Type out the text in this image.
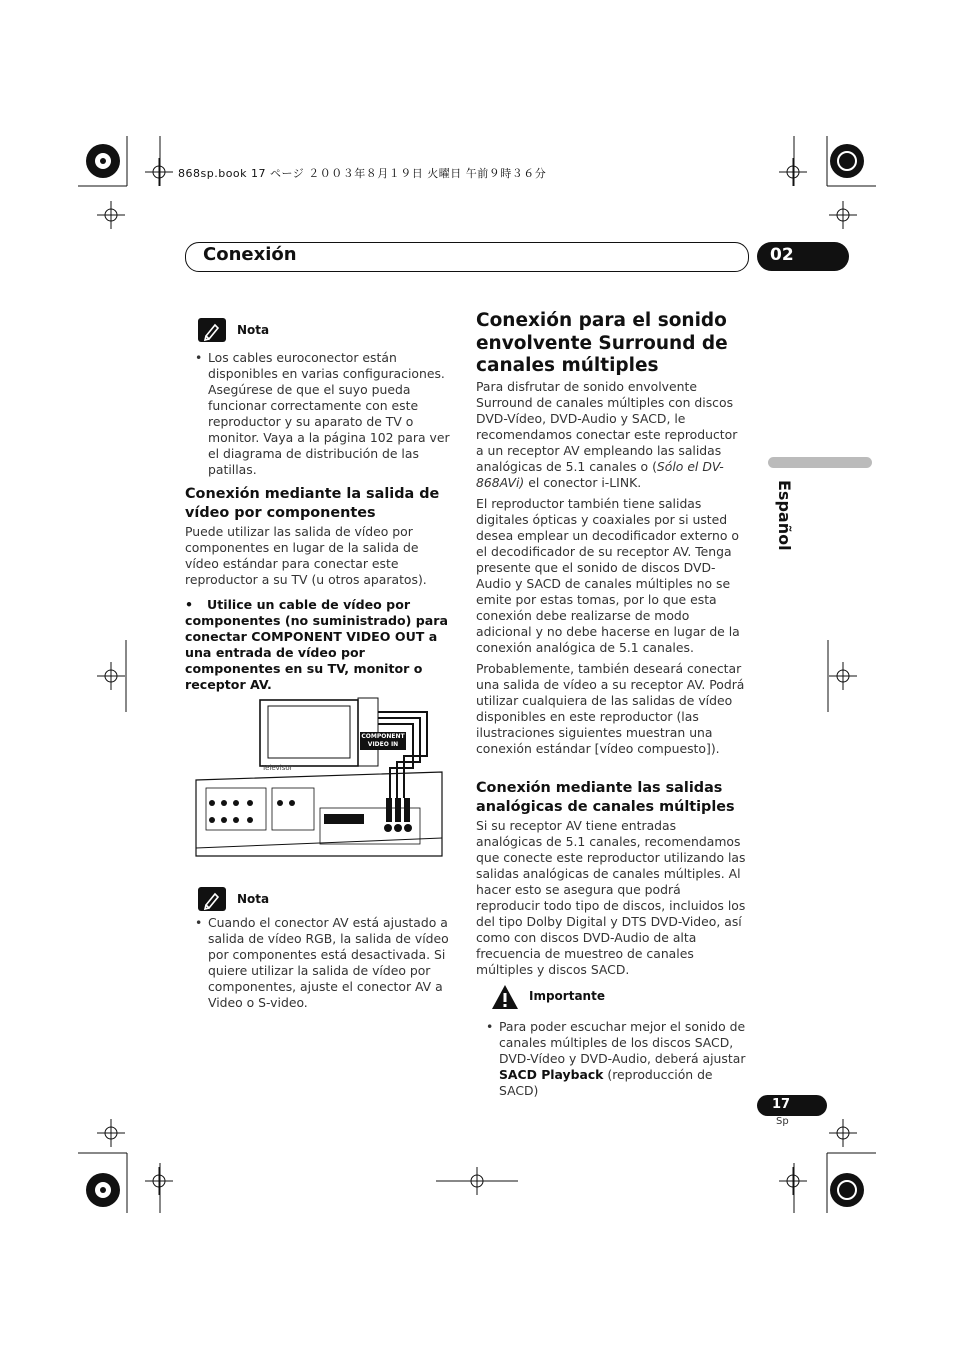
868sp.book 17 ページ ２００３年８月１９日 火曜日 午前９時３６分
Conexión	02
Español
Nota
• Los cables euroconector están disponibles en varias configuraciones. Asegúrese de que el suyo pueda funcionar correctamente con este reproductor y su aparato de TV o monitor. Vaya a la página 102 para ver el diagrama de distribución de las patillas.
Conexión mediante la salida de vídeo por componentes
Puede utilizar las salida de vídeo por componentes en lugar de la salida de vídeo estándar para conectar este reproductor a su TV (u otros aparatos).
•	Utilice un cable de vídeo por componentes (no suministrado) para conectar COMPONENT VIDEO OUT a una entrada de vídeo por componentes en su TV, monitor o receptor AV.
COMPONENT
VIDEO IN
Televisor
Nota
• Cuando el conector AV está ajustado a salida de vídeo RGB, la salida de vídeo por componentes está desactivada. Si quiere utilizar la salida de vídeo por componentes, ajuste el conector AV a Video o S-video.
Conexión para el sonido envolvente Surround de canales múltiples
Para disfrutar de sonido envolvente Surround de canales múltiples con discos DVD-Vídeo, DVD-Audio y SACD, le recomendamos conectar este reproductor a un receptor AV empleando las salidas analógicas de 5.1 canales o (Sólo el DV-868AVi) el conector i-LINK.
El reproductor también tiene salidas digitales ópticas y coaxiales por si usted desea emplear un decodificador externo o el decodificador de su receptor AV. Tenga presente que el sonido de discos DVD-Audio y SACD de canales múltiples no se emite por estas tomas, por lo que esta conexión debe realizarse de modo adicional y no debe hacerse en lugar de la conexión analógica de 5.1 canales.
Probablemente, también deseará conectar una salida de vídeo a su receptor AV. Podrá utilizar cualquiera de las salidas de vídeo disponibles en este reproductor (las ilustraciones siguientes muestran una conexión estándar [vídeo compuesto]).
Conexión mediante las salidas analógicas de canales múltiples
Si su receptor AV tiene entradas analógicas de 5.1 canales, recomendamos que conecte este reproductor utilizando las salidas analógicas de canales múltiples. Al hacer esto se asegura que podrá reproducir todo tipo de discos, incluidos los del tipo Dolby Digital y DTS DVD-Video, así como con discos DVD-Audio de alta frecuencia de muestreo de canales múltiples y discos SACD.
Importante
• Para poder escuchar mejor el sonido de canales múltiples de los discos SACD, DVD-Vídeo y DVD-Audio, deberá ajustar SACD Playback (reproducción de SACD)
17
Sp
